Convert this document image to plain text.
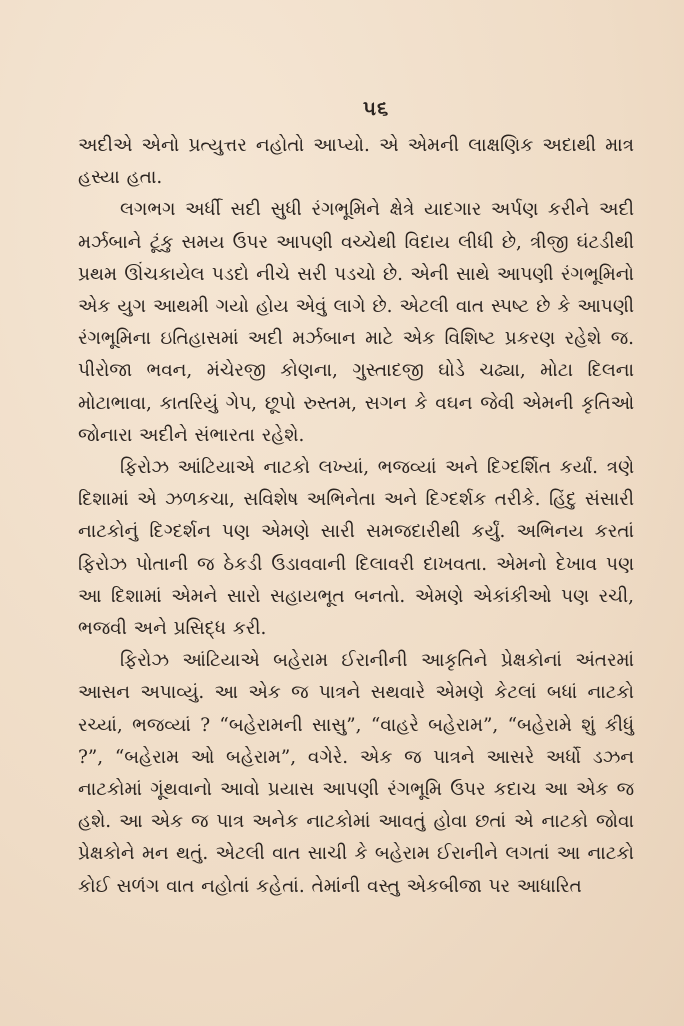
૫૬

અદીએ એનો પ્રત્યુત્તર નહોતો આપ્યો. એ એમની લાક્ષણિક અદાથી માત્ર હસ્યા હતા.

લગભગ અર્ધી સદી સુધી રંગભૂમિને ક્ષેત્રે યાદગાર અર્પણ કરીને અદી મર્ઝબાને ટૂંકુ સમય ઉપર આપણી વચ્ચેથી વિદાય લીધી છે, ત્રીજી ઘંટડીથી પ્રથમ ઊંચકાયેલ પડદો નીચે સરી પડચો છે. એની સાથે આપણી રંગભૂમિનો એક યુગ આથમી ગયો હોય એવું લાગે છે. એટલી વાત સ્પષ્ટ છે કે આપણી રંગભૂમિના ઇતિહાસમાં અદી મર્ઝબાન માટે એક વિશિષ્ટ પ્રકરણ રહેશે જ. પીરોજા ભવન, મંચેરજી કોણના, ગુસ્તાદજી ઘોડે ચઢ્યા, મોટા દિલના મોટાભાવા, કાતરિયું ગેપ, છૂપો રુસ્તમ, સગન કે વઘન જેવી એમની કૃતિઓ જોનારા અદીને સંભારતા રહેશે.

ફિરોઝ આંટિયાએ નાટકો લખ્યાં, ભજવ્યાં અને દિગ્દર્શિત કર્યાં. ત્રણે દિશામાં એ ઝળકચા, સવિશેષ અભિનેતા અને દિગ્દર્શક તરીકે. હિંદુ સંસારી નાટકોનું દિગ્દર્શન પણ એમણે સારી સમજદારીથી કર્યું. અભિનય કરતાં ફિરોઝ પોતાની જ ઠેકડી ઉડાવવાની દિલાવરી દાખવતા. એમનો દેખાવ પણ આ દિશામાં એમને સારો સહાયભૂત બનતો. એમણે એકાંકીઓ પણ રચી, ભજવી અને પ્રસિદ્ધ કરી.

ફિરોઝ આંટિયાએ બહેરામ ઈરાનીની આકૃતિને પ્રેક્ષકોનાં અંતરમાં આસન અપાવ્યું. આ એક જ પાત્રને સથવારે એમણે કેટલાં બધાં નાટકો રચ્યાં, ભજવ્યાં ? “બહેરામની સાસુ”, “વાહરે બહેરામ”, “બહેરામે શું કીધું ?”, “બહેરામ ઓ બહેરામ”, વગેરે. એક જ પાત્રને આસરે અર્ધો ડઝન નાટકોમાં ગૂંથવાનો આવો પ્રયાસ આપણી રંગભૂમિ ઉપર કદાચ આ એક જ હશે. આ એક જ પાત્ર અનેક નાટકોમાં આવતું હોવા છતાં એ નાટકો જોવા પ્રેક્ષકોને મન થતું. એટલી વાત સાચી કે બહેરામ ઈરાનીને લગતાં આ નાટકો કોઈ સળંગ વાત નહોતાં કહેતાં. તેમાંની વસ્તુ એકબીજા પર આધારિત
